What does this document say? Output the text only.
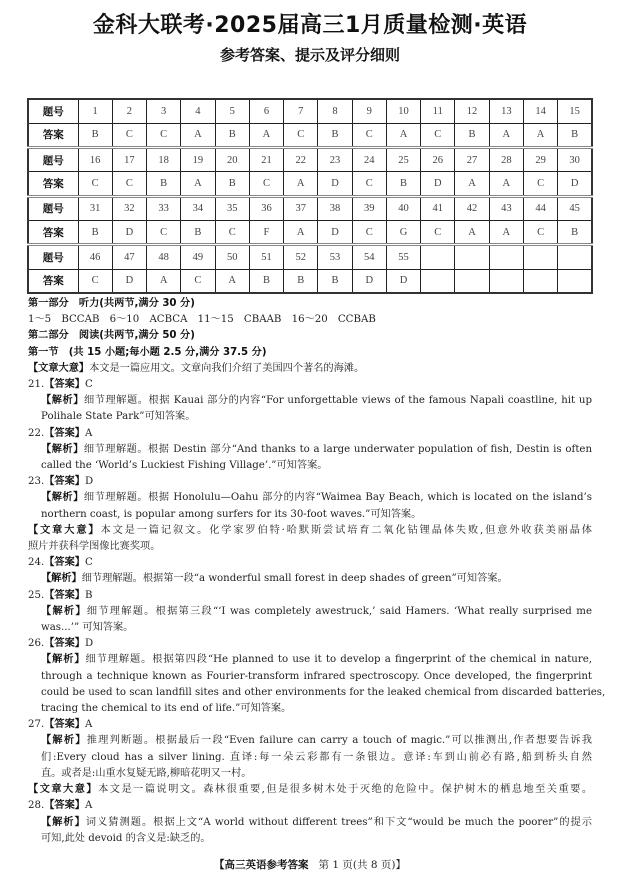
金科大联考·2025届高三1月质量检测·英语
参考答案、提示及评分细则
题号	1	2	3	4	5	6	7	8	9	10	11	12	13	14	15
答案	B	C	C	A	B	A	C	B	C	A	C	B	A	A	B
题号	16	17	18	19	20	21	22	23	24	25	26	27	28	29	30
答案	C	C	B	A	B	C	A	D	C	B	D	A	A	C	D
题号	31	32	33	34	35	36	37	38	39	40	41	42	43	44	45
答案	B	D	C	B	C	F	A	D	C	G	C	A	A	C	B
题号	46	47	48	49	50	51	52	53	54	55					
答案	C	D	A	C	A	B	B	B	D	D					
第一部分　听力(共两节,满分 30 分)
1～5　BCCAB　6～10　ACBCA　11～15　CBAAB　16～20　CCBAB
第二部分　阅读(共两节,满分 50 分)
第一节　(共 15 小题;每小题 2.5 分,满分 37.5 分)
【文章大意】本文是一篇应用文。文章向我们介绍了美国四个著名的海滩。
21.【答案】C
【解析】细节理解题。根据 Kauai 部分的内容“For unforgettable views of the famous Napali coastline, hit up
Polihale State Park”可知答案。
22.【答案】A
【解析】细节理解题。根据 Destin 部分“And thanks to a large underwater population of fish, Destin is often
called the ‘World’s Luckiest Fishing Village’.”可知答案。
23.【答案】D
【解析】细节理解题。根据 Honolulu—Oahu 部分的内容“Waimea Bay Beach, which is located on the island’s
northern coast, is popular among surfers for its 30-foot waves.”可知答案。
【文章大意】本文是一篇记叙文。化学家罗伯特·哈默斯尝试培育二氧化钴锂晶体失败,但意外收获美丽晶体
照片并获科学图像比赛奖项。
24.【答案】C
【解析】细节理解题。根据第一段“a wonderful small forest in deep shades of green”可知答案。
25.【答案】B
【解析】细节理解题。根据第三段“‘I was completely awestruck,’ said Hamers. ‘What really surprised me
was...’” 可知答案。
26.【答案】D
【解析】细节理解题。根据第四段“He planned to use it to develop a fingerprint of the chemical in nature,
through a technique known as Fourier-transform infrared spectroscopy. Once developed, the fingerprint
could be used to scan landfill sites and other environments for the leaked chemical from discarded batteries,
tracing the chemical to its end of life.”可知答案。
27.【答案】A
【解析】推理判断题。根据最后一段“Even failure can carry a touch of magic.”可以推测出,作者想要告诉我
们:Every cloud has a silver lining. 直译:每一朵云彩都有一条银边。意译:车到山前必有路,船到桥头自然
直。或者是:山重水复疑无路,柳暗花明又一村。
【文章大意】本文是一篇说明文。森林很重要,但是很多树木处于灭绝的危险中。保护树木的栖息地至关重要。
28.【答案】A
【解析】词义猜测题。根据上文“A world without different trees”和下文“would be much the poorer”的提示
可知,此处 devoid 的含义是:缺乏的。
【高三英语参考答案 第 1 页(共 8 页)】
